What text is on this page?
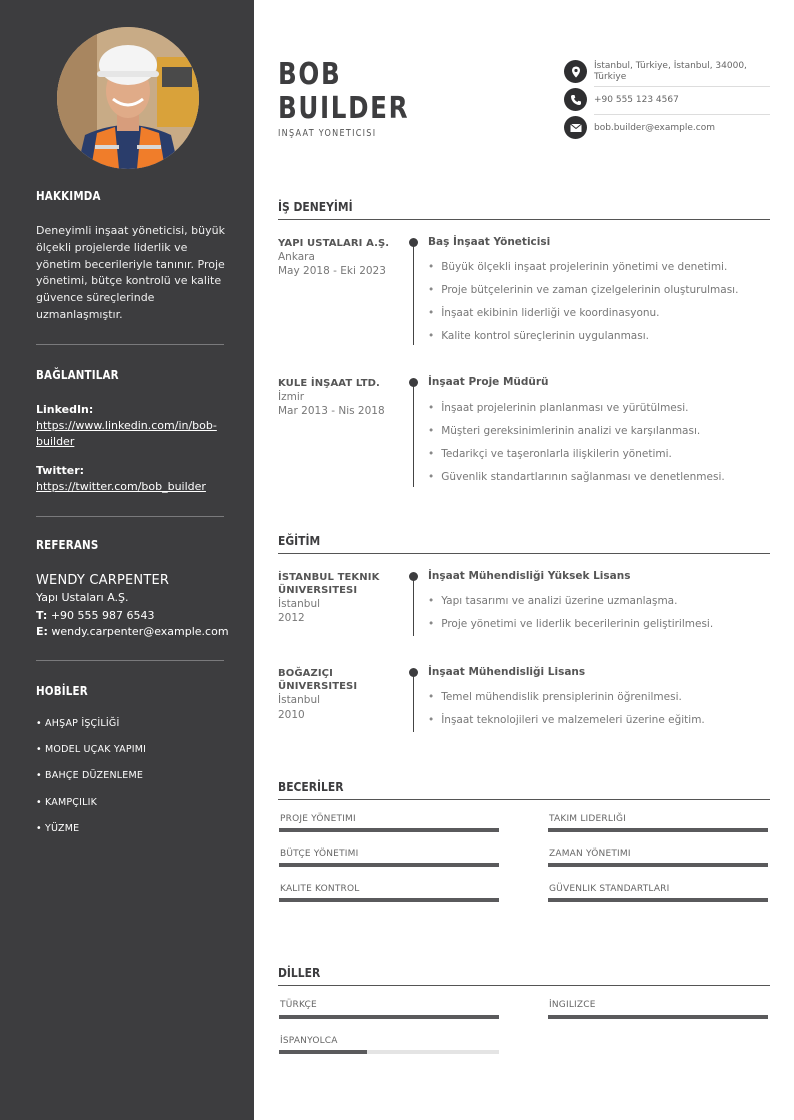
HAKKIMDA
Deneyimli inşaat yöneticisi, büyük ölçekli projelerde liderlik ve yönetim becerileriyle tanınır. Proje yönetimi, bütçe kontrolü ve kalite güvence süreçlerinde uzmanlaşmıştır.
BAĞLANTILAR
LinkedIn:
https://www.linkedin.com/in/bob-builder
Twitter:
https://twitter.com/bob_builder
REFERANS
WENDY CARPENTER
Yapı Ustaları A.Ş.
T: +90 555 987 6543
E: wendy.carpenter@example.com
HOBİLER
• AHŞAP İŞÇİLİĞİ
• MODEL UÇAK YAPIMI
• BAHÇE DÜZENLEME
• KAMPÇILIK
• YÜZME
BOB
BUILDER
İNŞAAT YÖNETICISI
İstanbul, Türkiye, İstanbul, 34000, Türkiye
+90 555 123 4567
bob.builder@example.com
İŞ DENEYİMİ
YAPI USTALARI A.Ş.
Ankara
May 2018 - Eki 2023
Baş İnşaat Yöneticisi
• Büyük ölçekli inşaat projelerinin yönetimi ve denetimi.
• Proje bütçelerinin ve zaman çizelgelerinin oluşturulması.
• İnşaat ekibinin liderliği ve koordinasyonu.
• Kalite kontrol süreçlerinin uygulanması.
KULE İNŞAAT LTD.
İzmir
Mar 2013 - Nis 2018
İnşaat Proje Müdürü
• İnşaat projelerinin planlanması ve yürütülmesi.
• Müşteri gereksinimlerinin analizi ve karşılanması.
• Tedarikçi ve taşeronlarla ilişkilerin yönetimi.
• Güvenlik standartlarının sağlanması ve denetlenmesi.
EĞİTİM
İSTANBUL TEKNIK
ÜNIVERSITESI
İstanbul
2012
İnşaat Mühendisliği Yüksek Lisans
• Yapı tasarımı ve analizi üzerine uzmanlaşma.
• Proje yönetimi ve liderlik becerilerinin geliştirilmesi.
BOĞAZIÇI
ÜNIVERSITESI
İstanbul
2010
İnşaat Mühendisliği Lisans
• Temel mühendislik prensiplerinin öğrenilmesi.
• İnşaat teknolojileri ve malzemeleri üzerine eğitim.
BECERİLER
PROJE YÖNETIMI	TAKIM LIDERLIĞI
BÜTÇE YÖNETIMI	ZAMAN YÖNETIMI
KALITE KONTROL	GÜVENLIK STANDARTLARI
DİLLER
TÜRKÇE	İNGILIZCE
İSPANYOLCA
